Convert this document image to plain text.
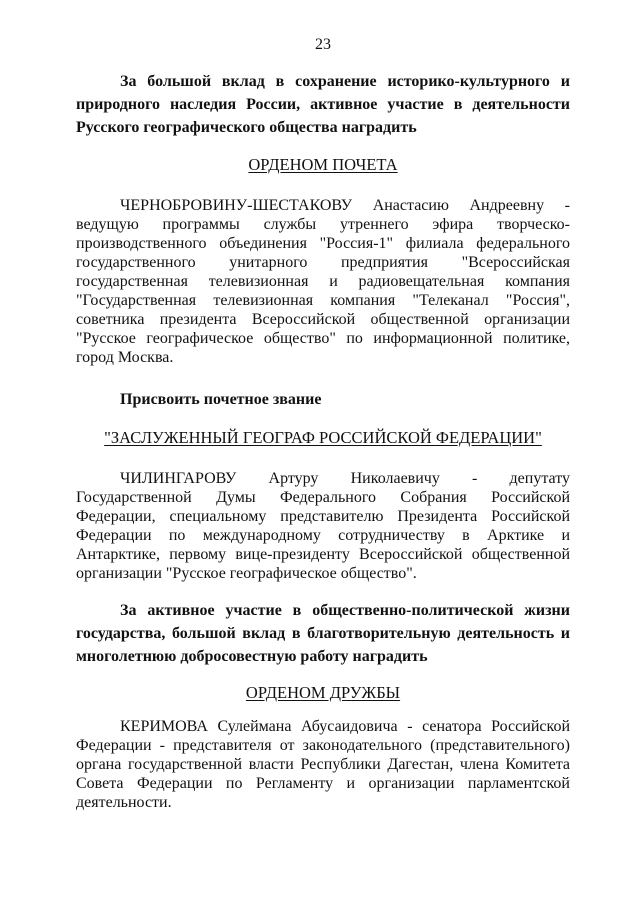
23

За большой вклад в сохранение историко-культурного и природного наследия России, активное участие в деятельности Русского географического общества наградить

ОРДЕНОМ ПОЧЕТА

ЧЕРНОБРОВИНУ-ШЕСТАКОВУ Анастасию Андреевну - ведущую программы службы утреннего эфира творческо-производственного объединения "Россия-1" филиала федерального государственного унитарного предприятия "Всероссийская государственная телевизионная и радиовещательная компания "Государственная телевизионная компания "Телеканал "Россия", советника президента Всероссийской общественной организации "Русское географическое общество" по информационной политике, город Москва.

Присвоить почетное звание

"ЗАСЛУЖЕННЫЙ ГЕОГРАФ РОССИЙСКОЙ ФЕДЕРАЦИИ"

ЧИЛИНГАРОВУ Артуру Николаевичу - депутату Государственной Думы Федерального Собрания Российской Федерации, специальному представителю Президента Российской Федерации по международному сотрудничеству в Арктике и Антарктике, первому вице-президенту Всероссийской общественной организации "Русское географическое общество".

За активное участие в общественно-политической жизни государства, большой вклад в благотворительную деятельность и многолетнюю добросовестную работу наградить

ОРДЕНОМ ДРУЖБЫ

КЕРИМОВА Сулеймана Абусаидовича - сенатора Российской Федерации - представителя от законодательного (представительного) органа государственной власти Республики Дагестан, члена Комитета Совета Федерации по Регламенту и организации парламентской деятельности.
